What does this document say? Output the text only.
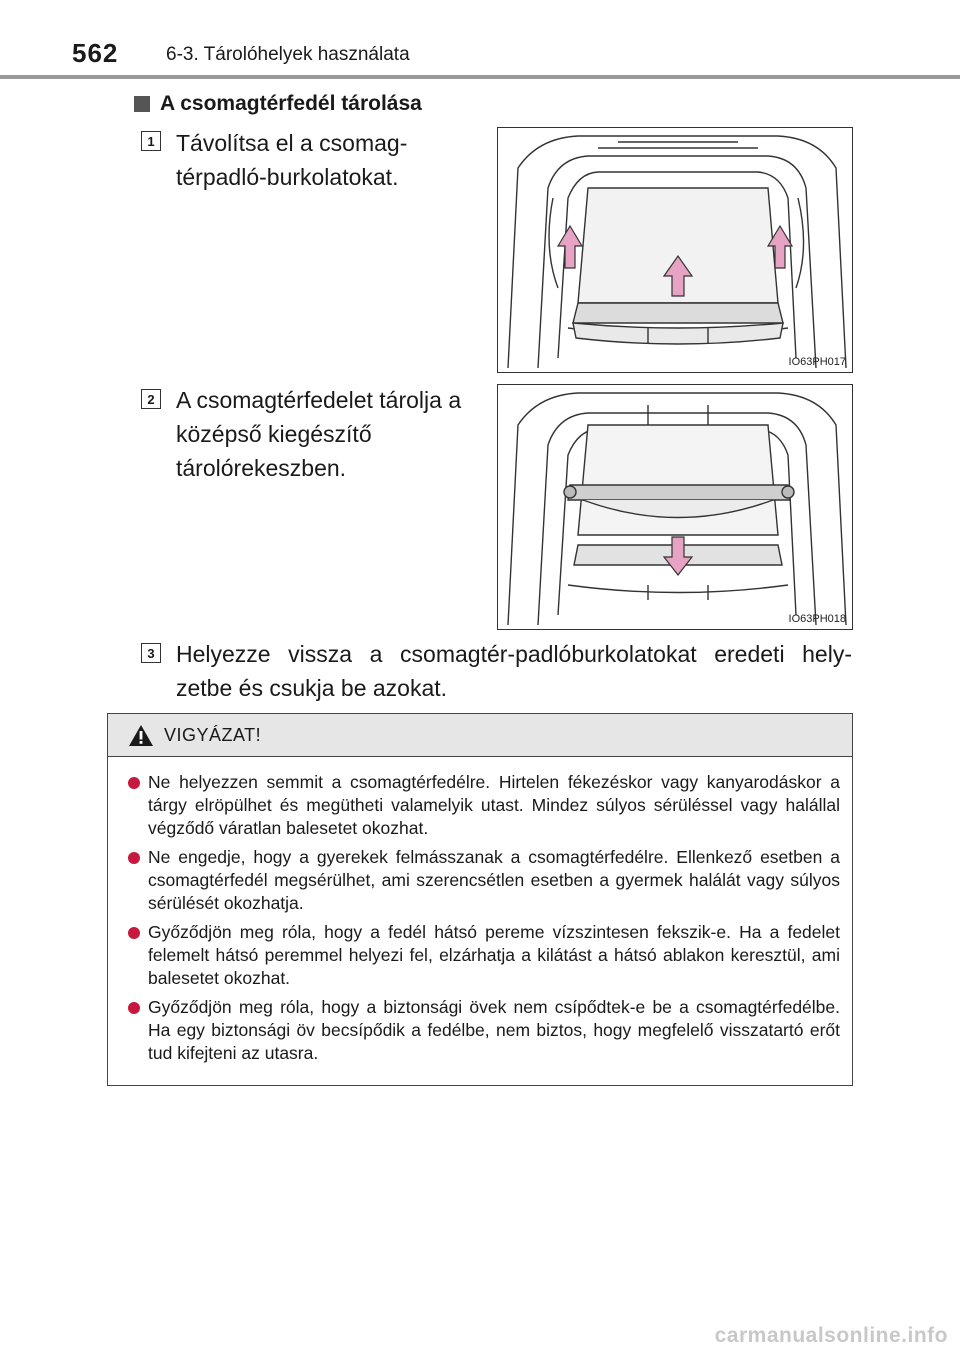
562	6-3. Tárolóhelyek használata
A csomagtérfedél tárolása
1 Távolítsa el a csomag-
térpadló-burkolatokat.
IO63PH017
2 A csomagtérfedelet tárolja a
középső kiegészítő
tárolórekeszben.
IO63PH018
3 Helyezze vissza a csomagtér-padlóburkolatokat eredeti hely-
zetbe és csukja be azokat.
VIGYÁZAT!
Ne helyezzen semmit a csomagtérfedélre. Hirtelen fékezéskor vagy kanyarodáskor a tárgy elröpülhet és megütheti valamelyik utast. Mindez súlyos sérüléssel vagy halállal végződő váratlan balesetet okozhat.
Ne engedje, hogy a gyerekek felmásszanak a csomagtérfedélre. Ellenkező esetben a csomagtérfedél megsérülhet, ami szerencsétlen esetben a gyermek halálát vagy súlyos sérülését okozhatja.
Győződjön meg róla, hogy a fedél hátsó pereme vízszintesen fekszik-e. Ha a fedelet felemelt hátsó peremmel helyezi fel, elzárhatja a kilátást a hátsó ablakon keresztül, ami balesetet okozhat.
Győződjön meg róla, hogy a biztonsági övek nem csípődtek-e be a csomagtérfedélbe. Ha egy biztonsági öv becsípődik a fedélbe, nem biztos, hogy megfelelő visszatartó erőt tud kifejteni az utasra.
carmanualsonline.info
